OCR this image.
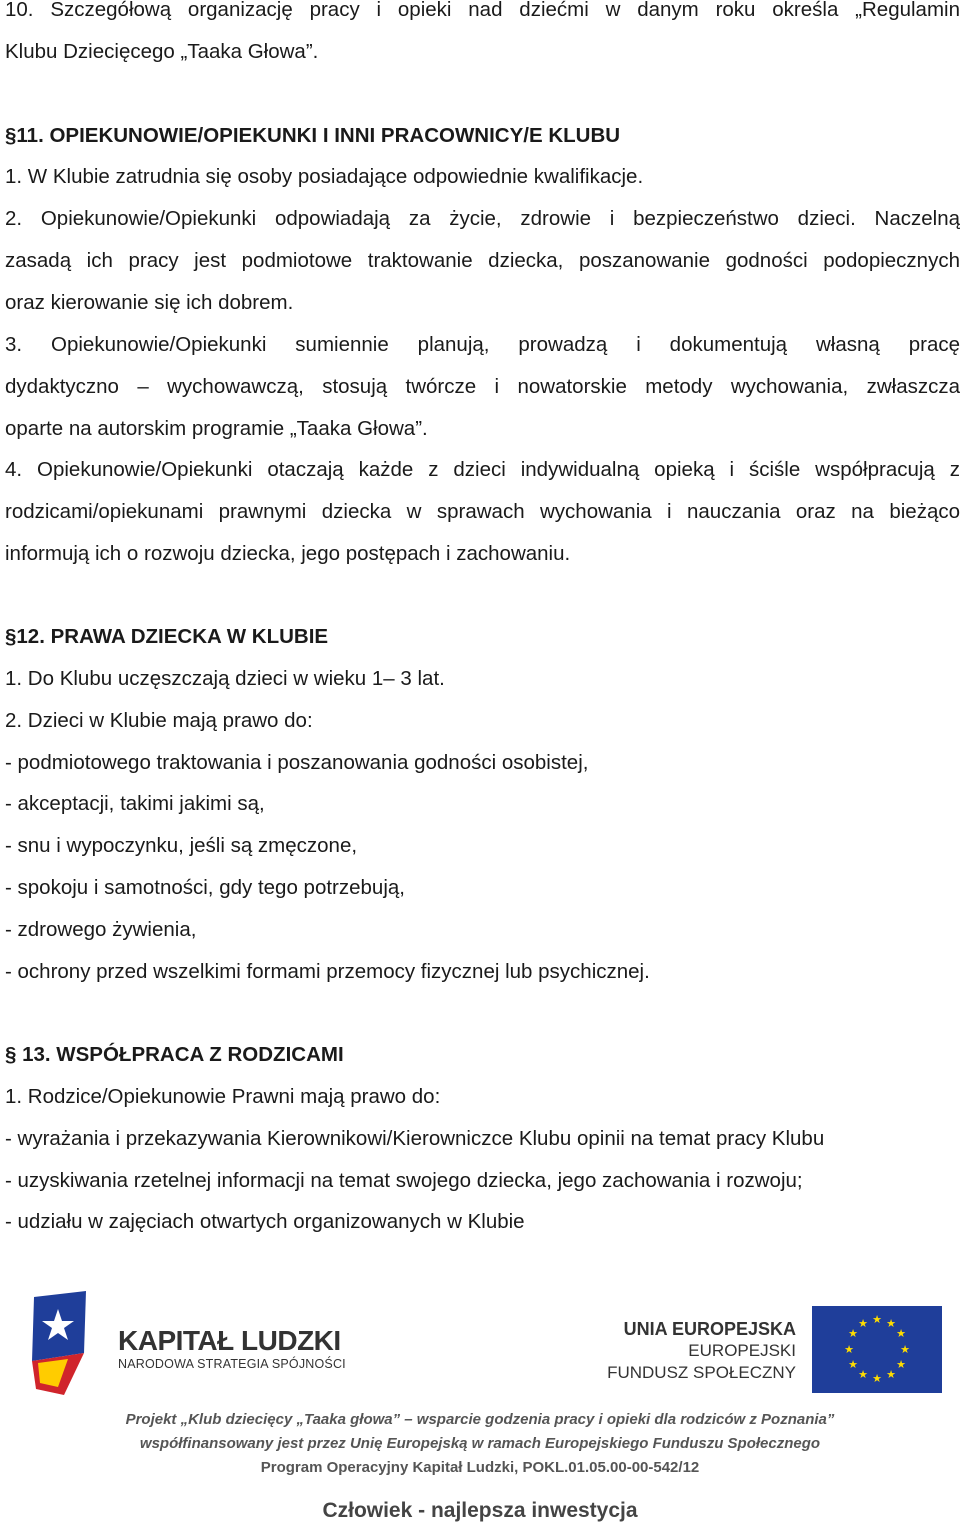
10. Szczegółową organizację pracy i opieki nad dziećmi w danym roku określa „Regulamin
Klubu Dziecięcego „Taaka Głowa”.
§11. OPIEKUNOWIE/OPIEKUNKI I INNI PRACOWNICY/E KLUBU
1. W Klubie zatrudnia się osoby posiadające odpowiednie kwalifikacje.
2. Opiekunowie/Opiekunki odpowiadają za życie, zdrowie i bezpieczeństwo dzieci. Naczelną
zasadą ich pracy jest podmiotowe traktowanie dziecka, poszanowanie godności podopiecznych
oraz kierowanie się ich dobrem.
3. Opiekunowie/Opiekunki sumiennie planują, prowadzą i dokumentują własną pracę
dydaktyczno – wychowawczą, stosują twórcze i nowatorskie metody wychowania, zwłaszcza
oparte na autorskim programie „Taaka Głowa”.
4. Opiekunowie/Opiekunki otaczają każde z dzieci indywidualną opieką i ściśle współpracują z
rodzicami/opiekunami prawnymi dziecka w sprawach wychowania i nauczania oraz na bieżąco
informują ich o rozwoju dziecka, jego postępach i zachowaniu.
§12. PRAWA DZIECKA W KLUBIE
1. Do Klubu uczęszczają dzieci w wieku 1– 3 lat.
2. Dzieci w Klubie mają prawo do:
- podmiotowego traktowania i poszanowania godności osobistej,
- akceptacji, takimi jakimi są,
- snu i wypoczynku, jeśli są zmęczone,
- spokoju i samotności, gdy tego potrzebują,
- zdrowego żywienia,
- ochrony przed wszelkimi formami przemocy fizycznej lub psychicznej.
§ 13. WSPÓŁPRACA Z RODZICAMI
1. Rodzice/Opiekunowie Prawni mają prawo do:
- wyrażania i przekazywania Kierownikowi/Kierowniczce Klubu opinii na temat pracy Klubu
- uzyskiwania rzetelnej informacji na temat swojego dziecka, jego zachowania i rozwoju;
- udziału w zajęciach otwartych organizowanych w Klubie
KAPITAŁ LUDZKI
NARODOWA STRATEGIA SPÓJNOŚCI
UNIA EUROPEJSKA
EUROPEJSKI
FUNDUSZ SPOŁECZNY
★ ★
★
★
★
★
★
★
★
★
★
★
Projekt „Klub dziecięcy „Taaka głowa” – wsparcie godzenia pracy i opieki dla rodziców z Poznania”
współfinansowany jest przez Unię Europejską w ramach Europejskiego Funduszu Społecznego
Program Operacyjny Kapitał Ludzki, POKL.01.05.00-00-542/12
Człowiek - najlepsza inwestycja
